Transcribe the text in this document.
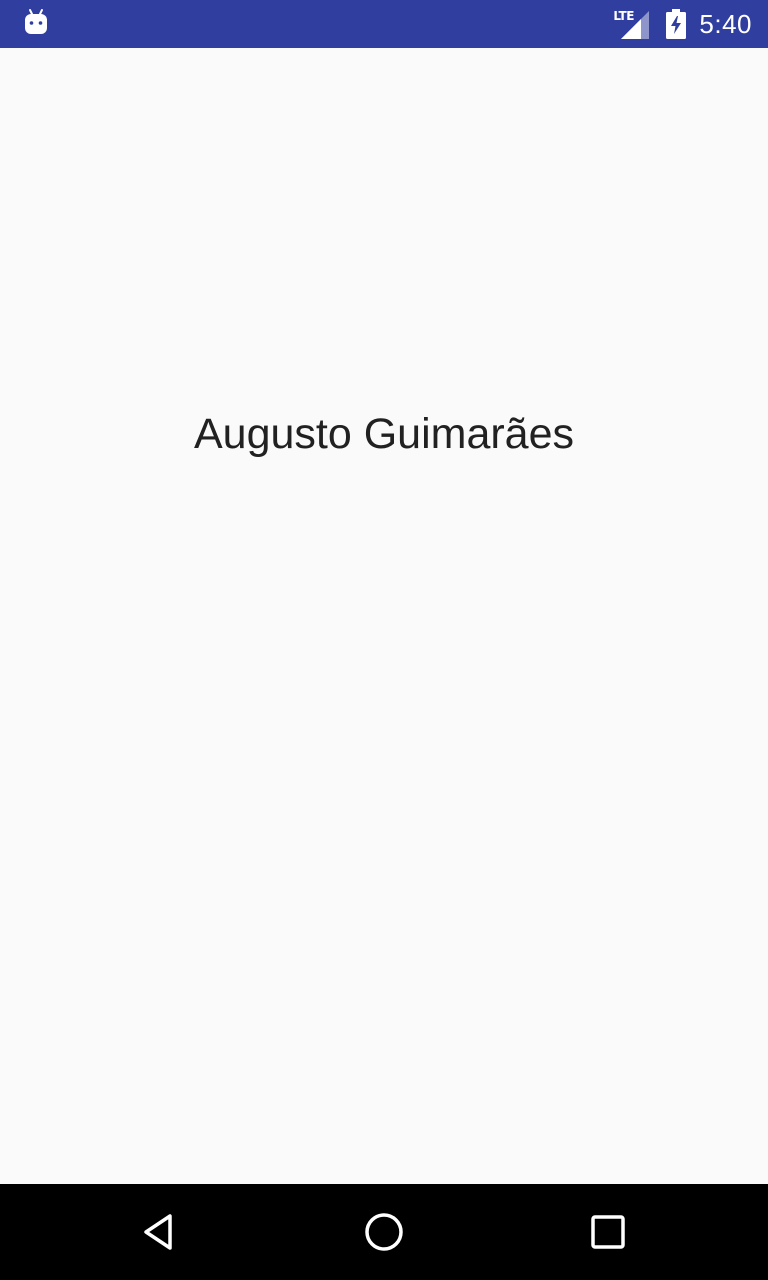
LTE	5:40
Augusto Guimarães
